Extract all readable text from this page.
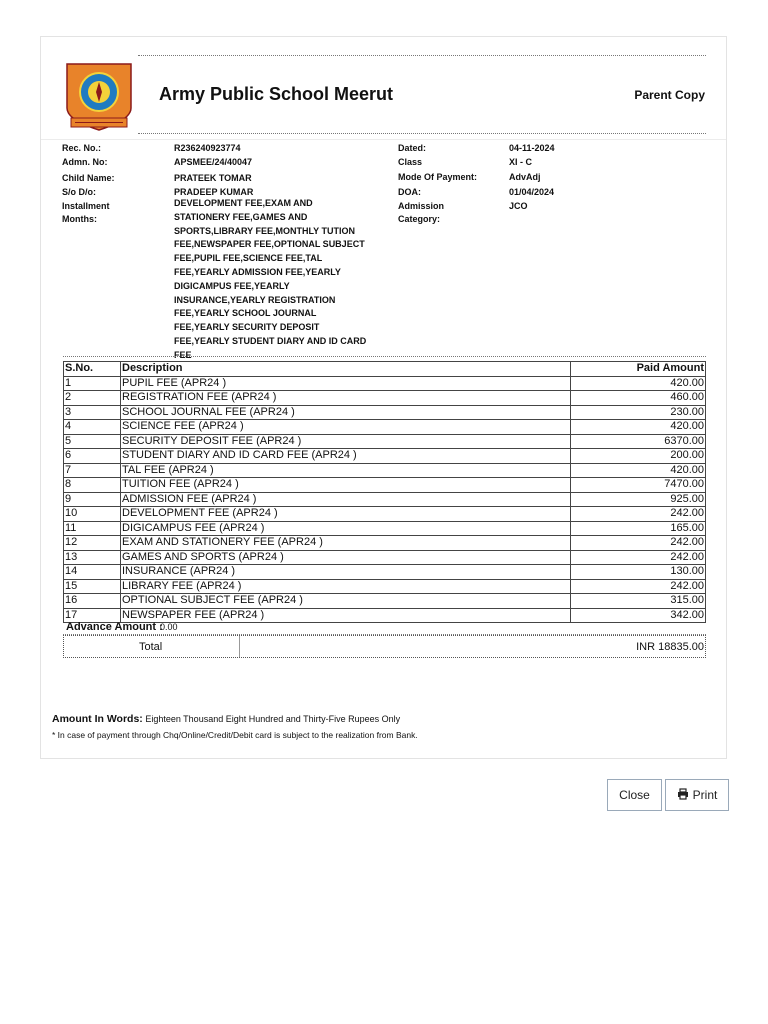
Army Public School Meerut	Parent Copy
Rec. No.:	R236240923774
Admn. No:	APSMEE/24/40047
Child Name:	PRATEEK TOMAR
S/o D/o:	PRADEEP KUMAR
Installment
Months:
DEVELOPMENT FEE,EXAM AND STATIONERY FEE,GAMES AND SPORTS,LIBRARY FEE,MONTHLY TUTION FEE,NEWSPAPER FEE,OPTIONAL SUBJECT FEE,PUPIL FEE,SCIENCE FEE,TAL FEE,YEARLY ADMISSION FEE,YEARLY DIGICAMPUS FEE,YEARLY INSURANCE,YEARLY REGISTRATION FEE,YEARLY SCHOOL JOURNAL FEE,YEARLY SECURITY DEPOSIT FEE,YEARLY STUDENT DIARY AND ID CARD FEE
Dated:	04-11-2024
Class	XI - C
Mode Of Payment:	AdvAdj
DOA:	01/04/2024
Admission
Category:
JCO
S.No.	Description	Paid Amount
1	PUPIL FEE (APR24 )	420.00
2	REGISTRATION FEE (APR24 )	460.00
3	SCHOOL JOURNAL FEE (APR24 )	230.00
4	SCIENCE FEE (APR24 )	420.00
5	SECURITY DEPOSIT FEE (APR24 )	6370.00
6	STUDENT DIARY AND ID CARD FEE (APR24 )	200.00
7	TAL FEE (APR24 )	420.00
8	TUITION FEE (APR24 )	7470.00
9	ADMISSION FEE (APR24 )	925.00
10	DEVELOPMENT FEE (APR24 )	242.00
11	DIGICAMPUS FEE (APR24 )	165.00
12	EXAM AND STATIONERY FEE (APR24 )	242.00
13	GAMES AND SPORTS (APR24 )	242.00
14	INSURANCE (APR24 )	130.00
15	LIBRARY FEE (APR24 )	242.00
16	OPTIONAL SUBJECT FEE (APR24 )	315.00
17	NEWSPAPER FEE (APR24 )	342.00
Advance Amount :
0.00
Total	INR 18835.00
Amount In Words: Eighteen Thousand Eight Hundred and Thirty-Five Rupees Only
* In case of payment through Chq/Online/Credit/Debit card is subject to the realization from Bank.
Close	Print
